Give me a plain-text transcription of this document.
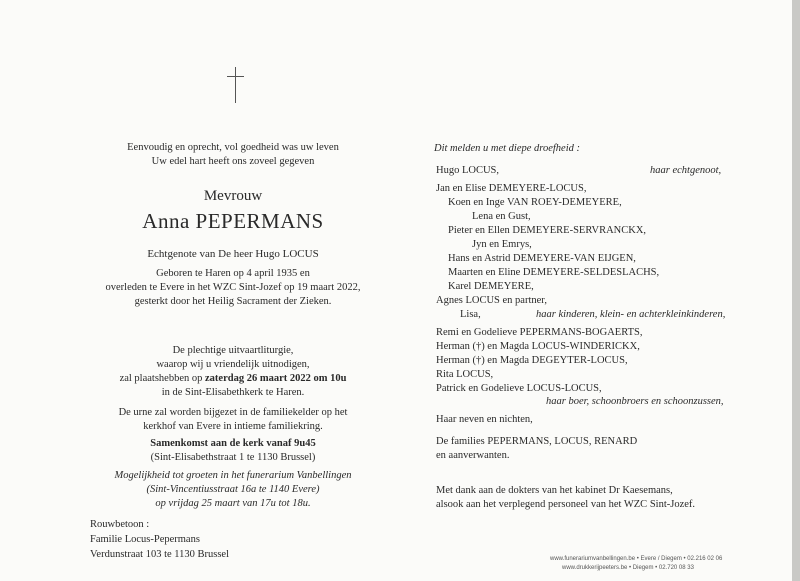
Eenvoudig en oprecht, vol goedheid was uw leven
Uw edel hart heeft ons zoveel gegeven
Mevrouw
Anna PEPERMANS
Echtgenote van De heer Hugo LOCUS
Geboren te Haren op 4 april 1935 en
overleden te Evere in het WZC Sint-Jozef op 19 maart 2022,
gesterkt door het Heilig Sacrament der Zieken.
De plechtige uitvaartliturgie,
waarop wij u vriendelijk uitnodigen,
zal plaatshebben op zaterdag 26 maart 2022 om 10u
in de Sint-Elisabethkerk te Haren.
De urne zal worden bijgezet in de familiekelder op het
kerkhof van Evere in intieme familiekring.
Samenkomst aan de kerk vanaf 9u45
(Sint-Elisabethstraat 1 te 1130 Brussel)
Mogelijkheid tot groeten in het funerarium Vanbellingen
(Sint-Vincentiusstraat 16a te 1140 Evere)
op vrijdag 25 maart van 17u tot 18u.
Rouwbetoon :
Familie Locus-Pepermans
Verdunstraat 103 te 1130 Brussel
Dit melden u met diepe droefheid :
Hugo LOCUS,	haar echtgenoot,
Jan en Elise DEMEYERE-LOCUS,
Koen en Inge VAN ROEY-DEMEYERE,
Lena en Gust,
Pieter en Ellen DEMEYERE-SERVRANCKX,
Jyn en Emrys,
Hans en Astrid DEMEYERE-VAN EIJGEN,
Maarten en Eline DEMEYERE-SELDESLACHS,
Karel DEMEYERE,
Agnes LOCUS en partner,
Lisa,	haar kinderen, klein- en achterkleinkinderen,
Remi en Godelieve PEPERMANS-BOGAERTS,
Herman (†) en Magda LOCUS-WINDERICKX,
Herman (†) en Magda DEGEYTER-LOCUS,
Rita LOCUS,
Patrick en Godelieve LOCUS-LOCUS,
haar boer, schoonbroers en schoonzussen,
Haar neven en nichten,
De families PEPERMANS, LOCUS, RENARD
en aanverwanten.
Met dank aan de dokters van het kabinet Dr Kaesemans,
alsook aan het verplegend personeel van het WZC Sint-Jozef.
www.funerariumvanbellingen.be • Evere / Diegem • 02.216 02 06
www.drukkerijpeeters.be • Diegem • 02.720 08 33
